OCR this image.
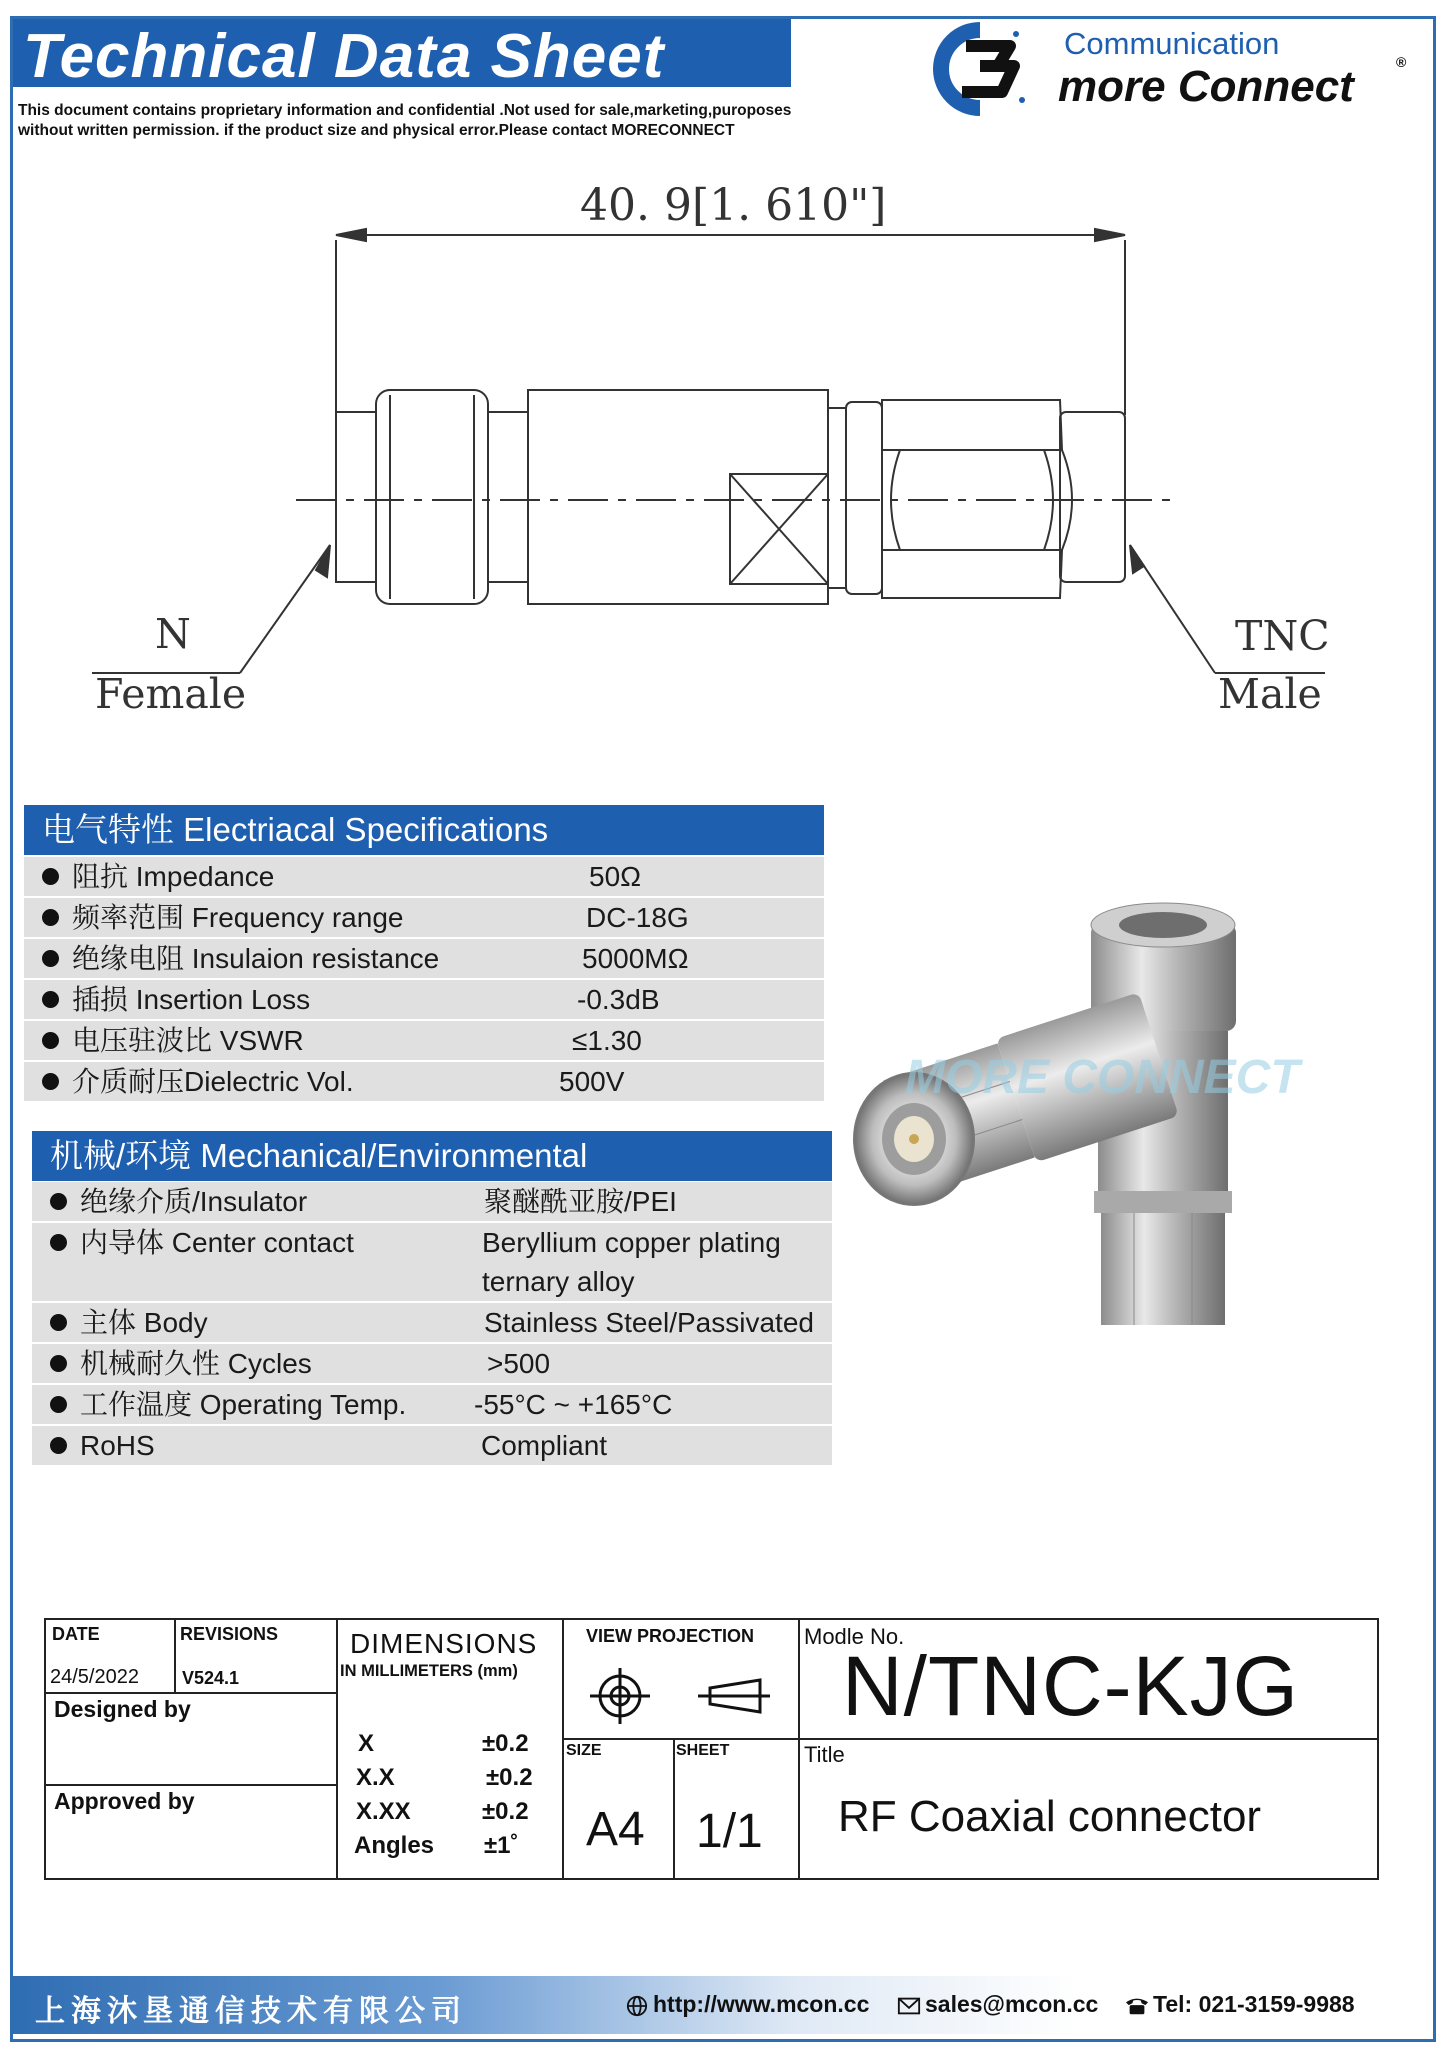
Technical Data Sheet
This document contains proprietary information and confidential .Not used for sale,marketing,puroposes
without written permission. if the product size and physical error.Please contact MORECONNECT
Communication
more Connect	®
40. 9[1. 610"]
N
Female
TNC
Male
电气特性 Electriacal Specifications
阻抗 Impedance	50Ω
频率范围 Frequency range	DC-18G
绝缘电阻 Insulaion resistance	5000MΩ
插损 Insertion Loss	-0.3dB
电压驻波比 VSWR	≤1.30
介质耐压Dielectric Vol.	500V
机械/环境 Mechanical/Environmental
绝缘介质/Insulator	聚醚酰亚胺/PEI
内导体 Center contact	Beryllium copper plating
ternary alloy
主体 Body	Stainless Steel/Passivated
机械耐久性 Cycles	>500
工作温度 Operating Temp. -55°C ~ +165°C
RoHS	Compliant
MORE CONNECT
DATE	REVISIONS
24/5/2022 V524.1
Designed by
Approved by
DIMENSIONS
IN MILLIMETERS (mm)
X	±0.2
X.X	±0.2
X.XX	±0.2
Angles ±1˚
VIEW PROJECTION
SIZE	SHEET
A4 1/1
Modle No.
N/TNC-KJG
Title
RF Coaxial connector
上海沐垦通信技术有限公司	http://www.mcon.cc	sales@mcon.cc	Tel: 021-3159-9988
